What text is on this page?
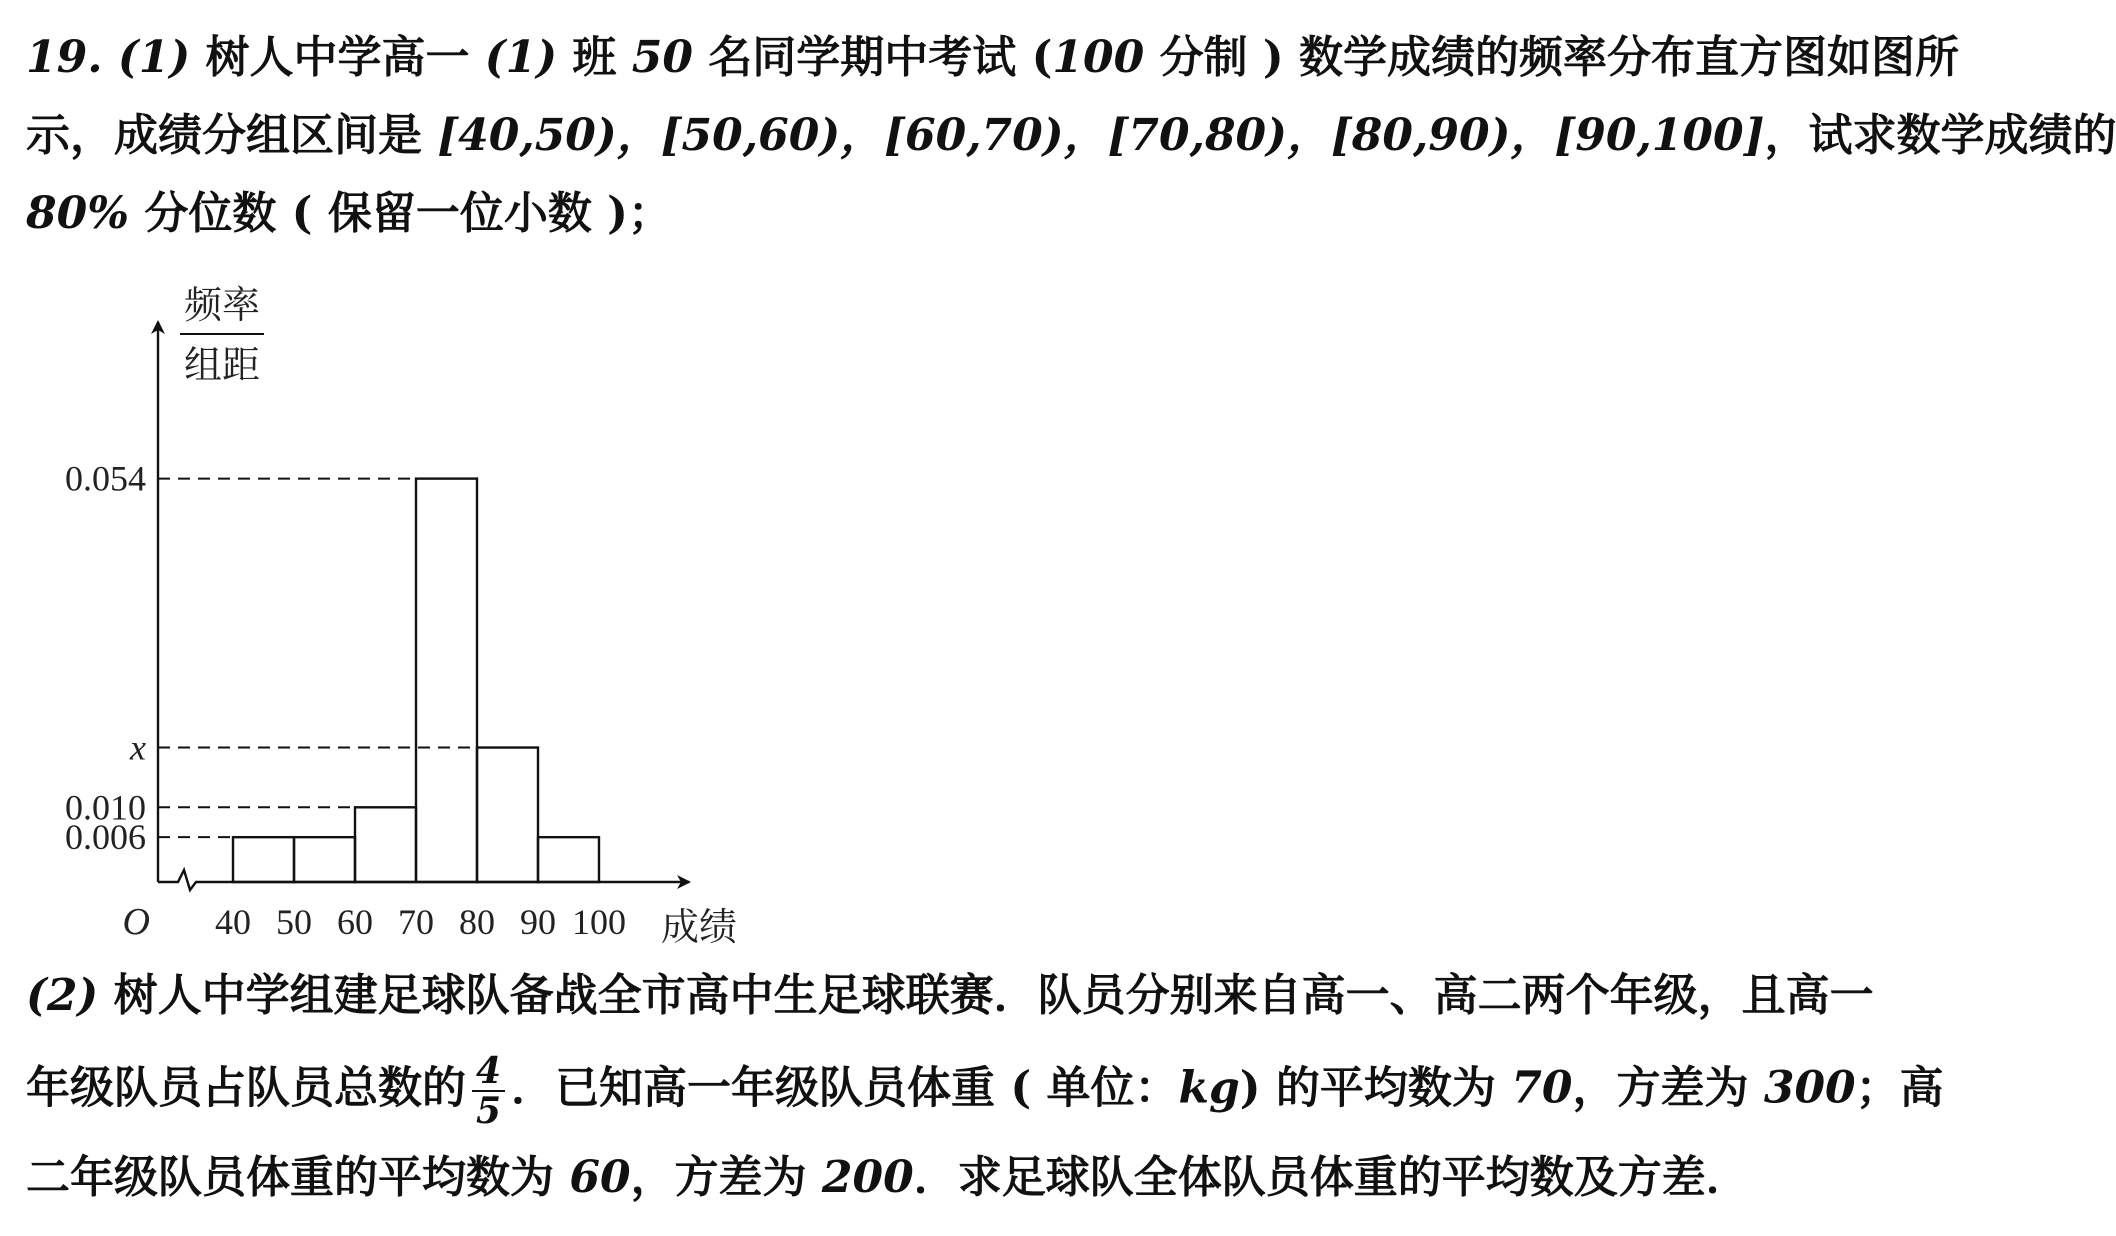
19. (1) 树人中学高一 (1) 班 50 名同学期中考试 (100 分制 ) 数学成绩的频率分布直方图如图所
示，成绩分组区间是 [40,50)，[50,60)，[60,70)，[70,80)，[80,90)，[90,100]，试求数学成绩的
80% 分位数 ( 保留一位小数 )；
0.054
x
0.010
0.006
频率
组距
O 40 50 60 70 80 90 100 成绩
(2) 树人中学组建足球队备战全市高中生足球联赛．队员分别来自高一、高二两个年级，且高一
年级队员占队员总数的 $\frac{4}{5}$ ．已知高一年级队员体重 ( 单位：kg) 的平均数为 70，方差为 300；高
二年级队员体重的平均数为 60，方差为 200．求足球队全体队员体重的平均数及方差．
